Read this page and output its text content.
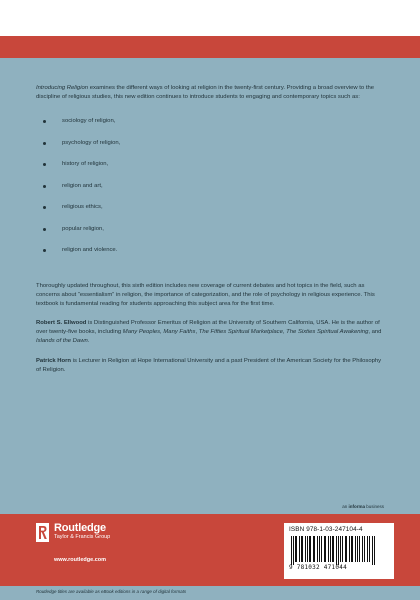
Introducing Religion examines the different ways of looking at religion in the twenty-first century. Providing a broad overview to the discipline of religious studies, this new edition continues to introduce students to engaging and contemporary topics such as:

sociology of religion,
psychology of religion,
history of religion,
religion and art,
religious ethics,
popular religion,
religion and violence.

Thoroughly updated throughout, this sixth edition includes new coverage of current debates and hot topics in the field, such as concerns about “essentialism” in religion, the importance of categorization, and the role of psychology in religious experience. This textbook is fundamental reading for students approaching this subject area for the first time.

Robert S. Ellwood is Distinguished Professor Emeritus of Religion at the University of Southern California, USA. He is the author of over twenty-five books, including Many Peoples, Many Faiths, The Fifties Spiritual Marketplace, The Sixties Spiritual Awakening, and Islands of the Dawn.

Patrick Horn is Lecturer in Religion at Hope International University and a past President of the American Society for the Philosophy of Religion.

an informa business
Routledge
Taylor & Francis Group
www.routledge.com
ISBN 978-1-03-247104-4
9 781032 471044
Routledge titles are available as eBook editions in a range of digital formats
